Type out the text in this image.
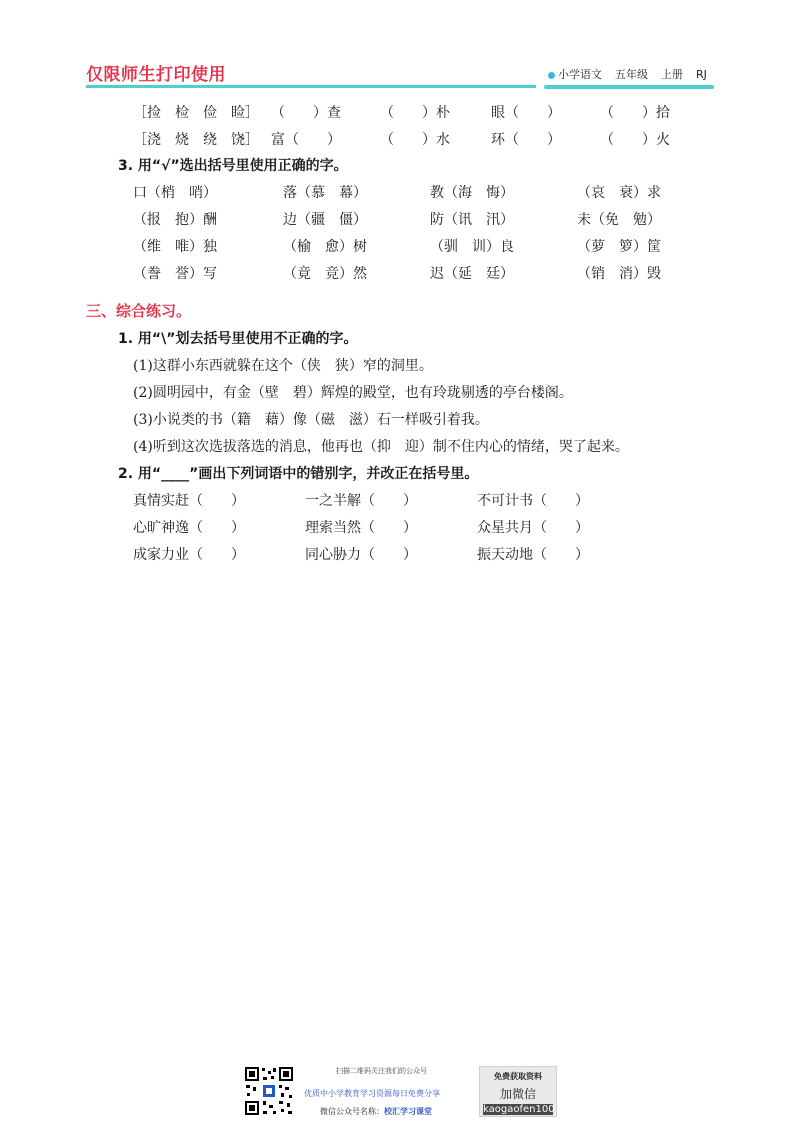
仅限师生打印使用	小学语文 五年级 上册 RJ
［捡　检　俭　睑］ （　　）查	（　　）朴	眼（　　）	（　　）拾
［浇　烧　绕　饶］ 富（　　）	（　　）水	环（　　）	（　　）火
3. 用“√”选出括号里使用正确的字。
口（梢　哨）	落（慕　幕）	教（海　悔）	（哀　衰）求
（报　抱）酬	边（疆　僵）	防（讯　汛）	未（免　勉）
（维　唯）独	（榆　愈）树	（驯　训）良	（萝　箩）筐
（誊　誉）写	（竟　竞）然	迟（延　廷）	（销　消）毁
三、综合练习。
1. 用“\”划去括号里使用不正确的字。
(1)这群小东西就躲在这个（侠　狭）窄的洞里。
(2)圆明园中，有金（壁　碧）辉煌的殿堂，也有玲珑剔透的亭台楼阁。
(3)小说类的书（籍　藉）像（磁　滋）石一样吸引着我。
(4)听到这次选拔落选的消息，他再也（抑　迎）制不住内心的情绪，哭了起来。
2. 用“____”画出下列词语中的错别字，并改正在括号里。
真情实赶（　　）	一之半解（　　）	不可计书（　　）
心旷神逸（　　）	理索当然（　　）	众星共月（　　）
成家力业（　　）	同心胁力（　　）	振天动地（　　）
扫描二维码关注我们的公众号
优质中小学教育学习资源每日免费分享
微信公众号名称：校汇学习课堂
免费获取资料
加微信
kaogaofen100
